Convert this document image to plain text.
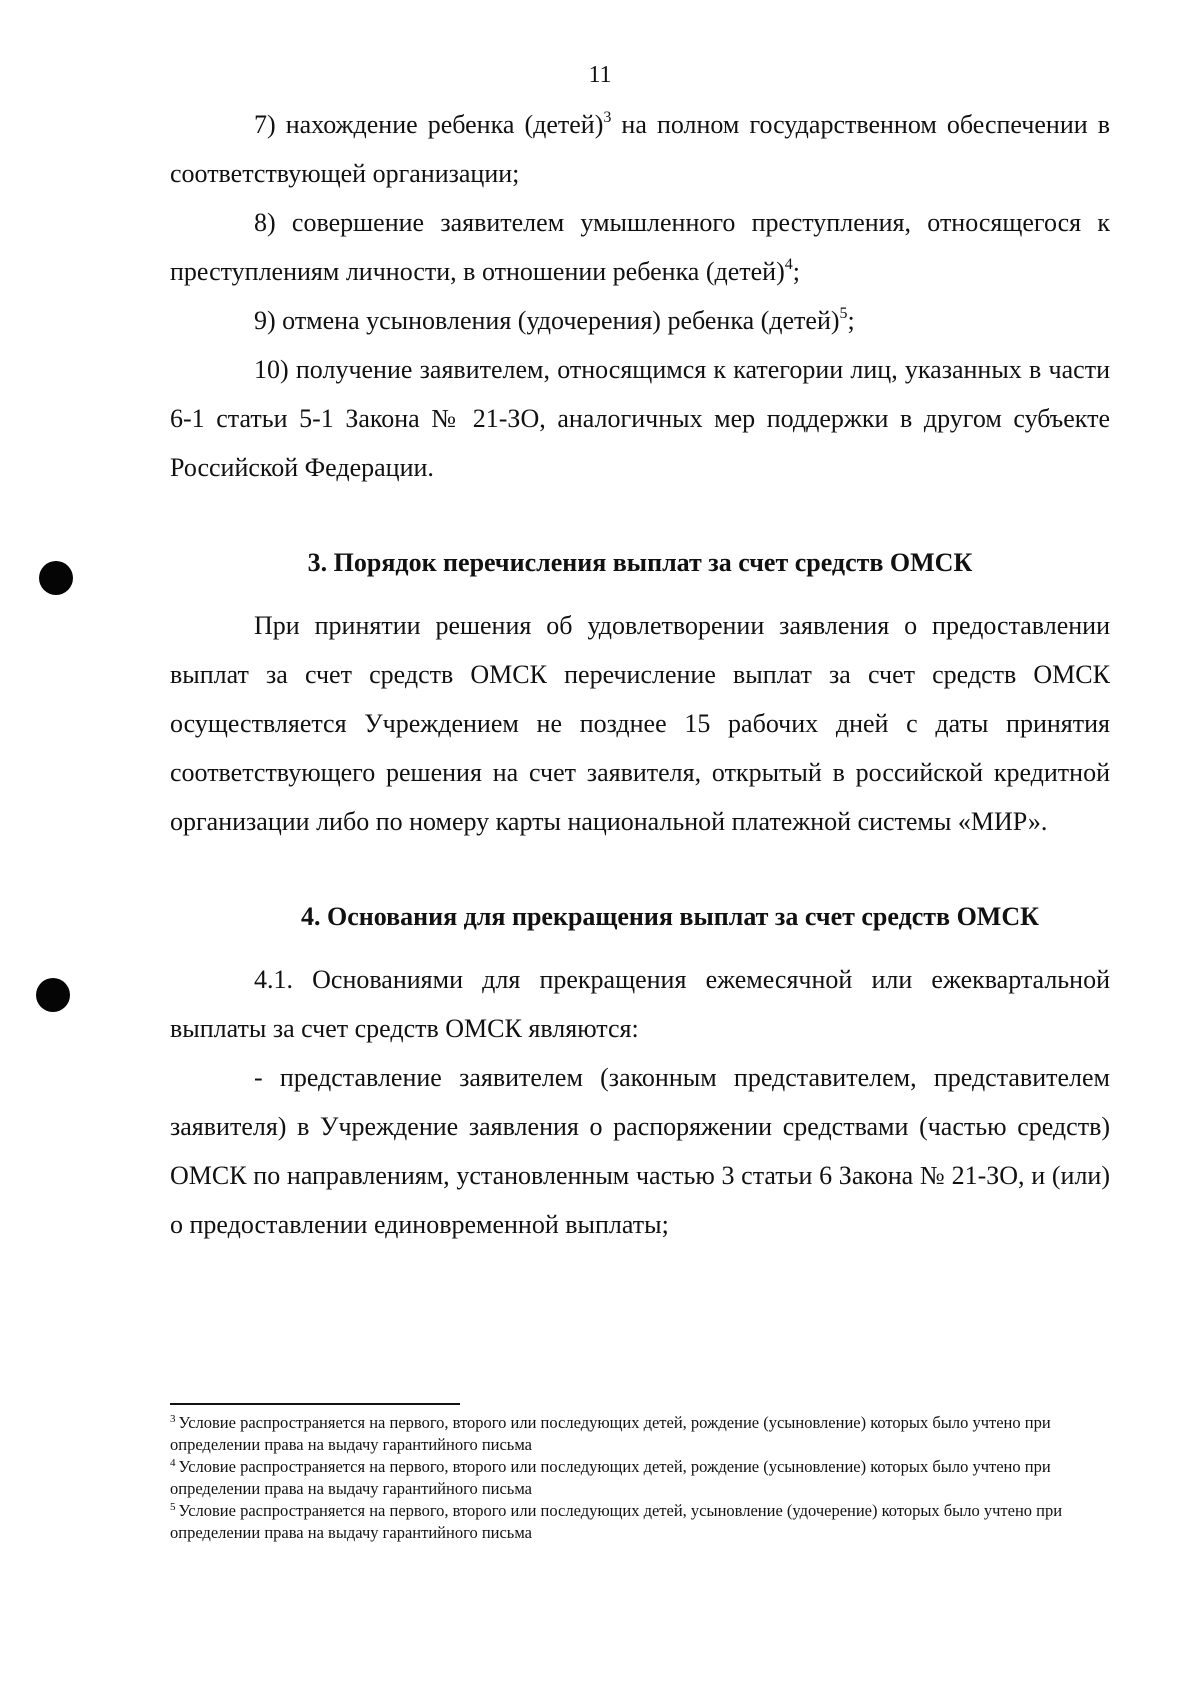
11

7) нахождение ребенка (детей)$^3$ на полном государственном обеспечении в соответствующей организации;

8) совершение заявителем умышленного преступления, относящегося к преступлениям личности, в отношении ребенка (детей)$^4$;

9) отмена усыновления (удочерения) ребенка (детей)$^5$;

10) получение заявителем, относящимся к категории лиц, указанных в части 6-1 статьи 5-1 Закона № 21-ЗО, аналогичных мер поддержки в другом субъекте Российской Федерации.

3. Порядок перечисления выплат за счет средств ОМСК

При принятии решения об удовлетворении заявления о предоставлении выплат за счет средств ОМСК перечисление выплат за счет средств ОМСК осуществляется Учреждением не позднее 15 рабочих дней с даты принятия соответствующего решения на счет заявителя, открытый в российской кредитной организации либо по номеру карты национальной платежной системы «МИР».

4. Основания для прекращения выплат за счет средств ОМСК

4.1. Основаниями для прекращения ежемесячной или ежеквартальной выплаты за счет средств ОМСК являются:

- представление заявителем (законным представителем, представителем заявителя) в Учреждение заявления о распоряжении средствами (частью средств) ОМСК по направлениям, установленным частью 3 статьи 6 Закона № 21-ЗО, и (или) о предоставлении единовременной выплаты;

$^3$ Условие распространяется на первого, второго или последующих детей, рождение (усыновление) которых было учтено при определении права на выдачу гарантийного письма

$^4$ Условие распространяется на первого, второго или последующих детей, рождение (усыновление) которых было учтено при определении права на выдачу гарантийного письма

$^5$ Условие распространяется на первого, второго или последующих детей, усыновление (удочерение) которых было учтено при определении права на выдачу гарантийного письма
